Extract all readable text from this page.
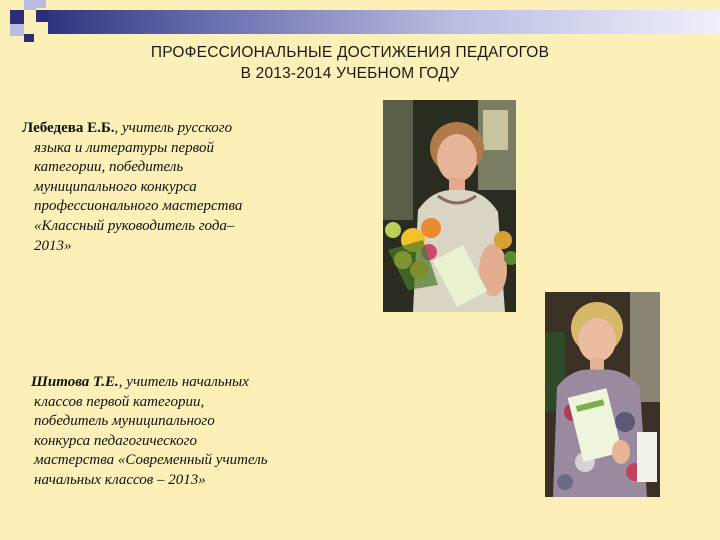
ПРОФЕССИОНАЛЬНЫЕ ДОСТИЖЕНИЯ ПЕДАГОГОВ
В 2013-2014 УЧЕБНОМ ГОДУ
Лебедева Е.Б., учитель русского
языка и литературы первой
категории, победитель
муниципального конкурса
профессионального мастерства
«Классный руководитель года–
2013»
Шитова Т.Е., учитель начальных
классов первой категории,
победитель муниципального
конкурса педагогического
мастерства «Современный учитель
начальных классов – 2013»
